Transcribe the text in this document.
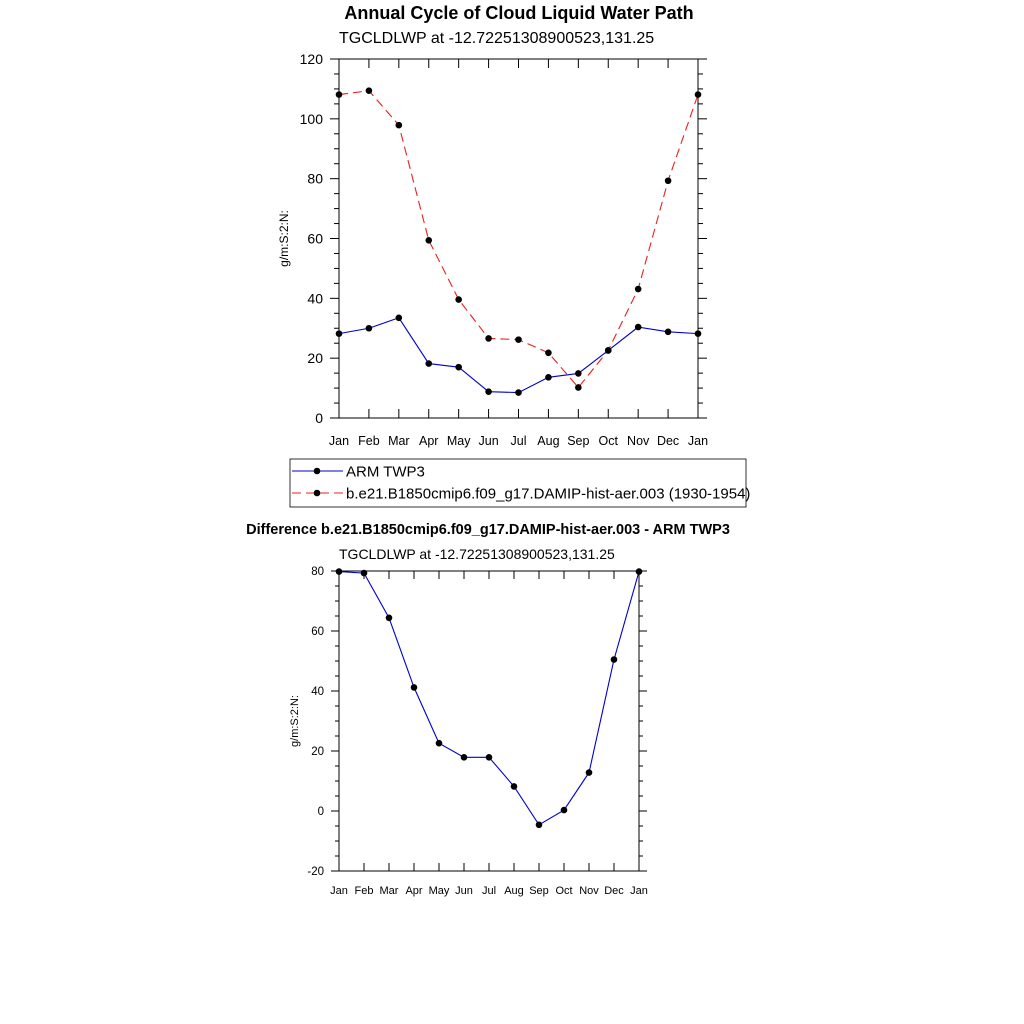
Annual Cycle of Cloud Liquid Water Path
TGCLDLWP at -12.72251308900523,131.25
Difference b.e21.B1850cmip6.f09_g17.DAMIP-hist-aer.003 - ARM TWP3
TGCLDLWP at -12.72251308900523,131.25
Jan Feb Mar Apr May Jun Jul Aug Sep Oct Nov Dec Jan
0
20
40
60
80
100
120
g/m:S:2:N:
Jan Feb Mar Apr May Jun Jul Aug Sep Oct Nov Dec Jan
-20
0
20
40
60
80
g/m:S:2:N:
ARM TWP3
b.e21.B1850cmip6.f09_g17.DAMIP-hist-aer.003 (1930-1954)
